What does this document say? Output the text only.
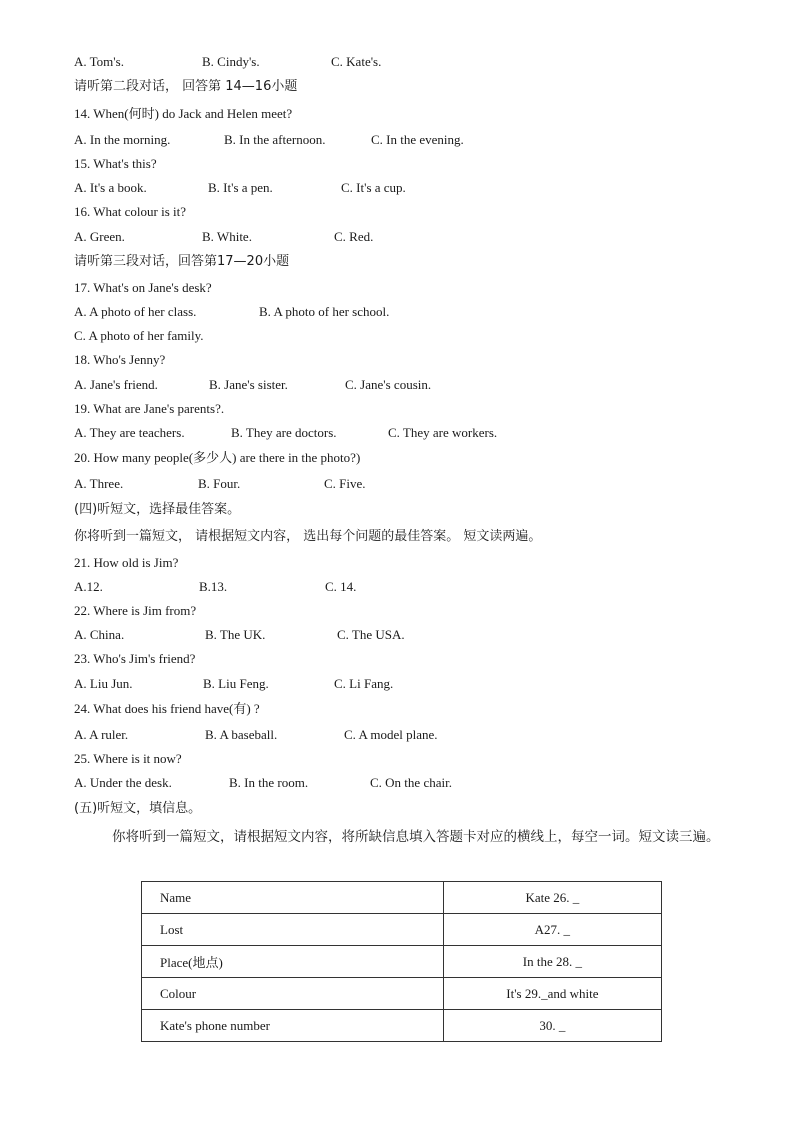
A. Tom's.	B. Cindy's.	C. Kate's.
请听第二段对话， 回答第 14—16小题
14. When(何时) do Jack and Helen meet?
A. In the morning.	B. In the afternoon.	C. In the evening.
15. What's this?
A. It's a book.	B. It's a pen.	C. It's a cup.
16. What colour is it?
A. Green.	B. White.	C. Red.
请听第三段对话，回答第17—20小题
17. What's on Jane's desk?
A. A photo of her class.	B. A photo of her school.
C. A photo of her family.
18. Who's Jenny?
A. Jane's friend.	B. Jane's sister.	C. Jane's cousin.
19. What are Jane's parents?.
A. They are teachers.	B. They are doctors.	C. They are workers.
20. How many people(多少人) are there in the photo?)
A. Three.	B. Four.	C. Five.
(四)听短文，选择最佳答案。
你将听到一篇短文， 请根据短文内容， 选出每个问题的最佳答案。 短文读两遍。
21. How old is Jim?
A.12.	B.13.	C. 14.
22. Where is Jim from?
A. China.	B. The UK.	C. The USA.
23. Who's Jim's friend?
A. Liu Jun.	B. Liu Feng.	C. Li Fang.
24. What does his friend have(有) ?
A. A ruler.	B. A baseball.	C. A model plane.
25. Where is it now?
A. Under the desk.	B. In the room.	C. On the chair.
(五)听短文，填信息。
你将听到一篇短文，请根据短文内容，将所缺信息填入答题卡对应的横线上，每空一词。短文读三遍。
Name	Kate 26. _
Lost	A27. _
Place(地点)	In the 28. _
Colour	It's 29._and white
Kate's phone number	30. _
